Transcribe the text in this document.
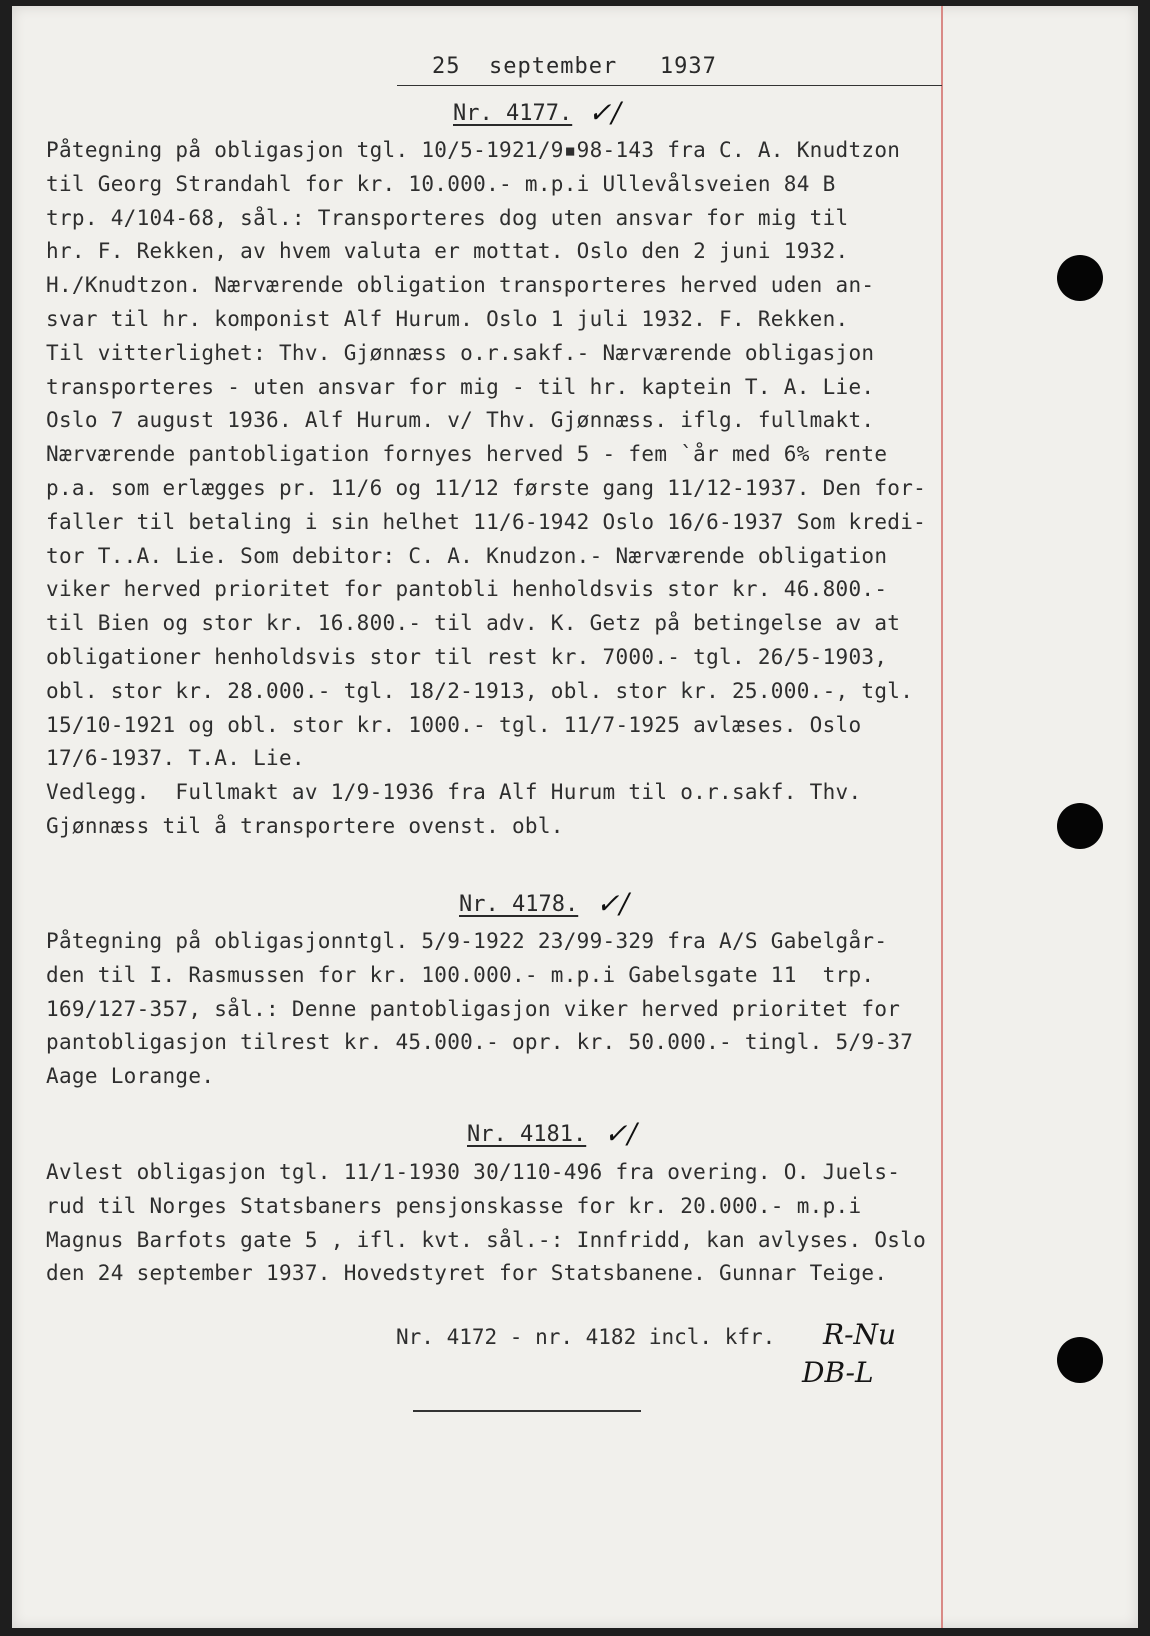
25  september   1937
Nr. 4177. ✓/
Påtegning på obligasjon tgl. 10/5-1921/9▪98-143 fra C. A. Knudtzon
til Georg Strandahl for kr. 10.000.- m.p.i Ullevålsveien 84 B
trp. 4/104-68, sål.: Transporteres dog uten ansvar for mig til
hr. F. Rekken, av hvem valuta er mottat. Oslo den 2 juni 1932.
H./Knudtzon. Nærværende obligation transporteres herved uden an-
svar til hr. komponist Alf Hurum. Oslo 1 juli 1932. F. Rekken.
Til vitterlighet: Thv. Gjønnæss o.r.sakf.- Nærværende obligasjon
transporteres - uten ansvar for mig - til hr. kaptein T. A. Lie.
Oslo 7 august 1936. Alf Hurum. v/ Thv. Gjønnæss. iflg. fullmakt.
Nærværende pantobligation fornyes herved 5 - fem `år med 6% rente
p.a. som erlægges pr. 11/6 og 11/12 første gang 11/12-1937. Den for-
faller til betaling i sin helhet 11/6-1942 Oslo 16/6-1937 Som kredi-
tor T..A. Lie. Som debitor: C. A. Knudzon.- Nærværende obligation
viker herved prioritet for pantobli henholdsvis stor kr. 46.800.-
til Bien og stor kr. 16.800.- til adv. K. Getz på betingelse av at
obligationer henholdsvis stor til rest kr. 7000.- tgl. 26/5-1903,
obl. stor kr. 28.000.- tgl. 18/2-1913, obl. stor kr. 25.000.-, tgl.
15/10-1921 og obl. stor kr. 1000.- tgl. 11/7-1925 avlæses. Oslo
17/6-1937. T.A. Lie.
Vedlegg.  Fullmakt av 1/9-1936 fra Alf Hurum til o.r.sakf. Thv.
Gjønnæss til å transportere ovenst. obl.
Nr. 4178. ✓/
Påtegning på obligasjonntgl. 5/9-1922 23/99-329 fra A/S Gabelgår-
den til I. Rasmussen for kr. 100.000.- m.p.i Gabelsgate 11  trp.
169/127-357, sål.: Denne pantobligasjon viker herved prioritet for
pantobligasjon tilrest kr. 45.000.- opr. kr. 50.000.- tingl. 5/9-37
Aage Lorange.
Nr. 4181. ✓/
Avlest obligasjon tgl. 11/1-1930 30/110-496 fra overing. O. Juels-
rud til Norges Statsbaners pensjonskasse for kr. 20.000.- m.p.i
Magnus Barfots gate 5 , ifl. kvt. sål.-: Innfridd, kan avlyses. Oslo
den 24 september 1937. Hovedstyret for Statsbanene. Gunnar Teige.
Nr. 4172 - nr. 4182 incl. kfr. R-Nu
DB-L
